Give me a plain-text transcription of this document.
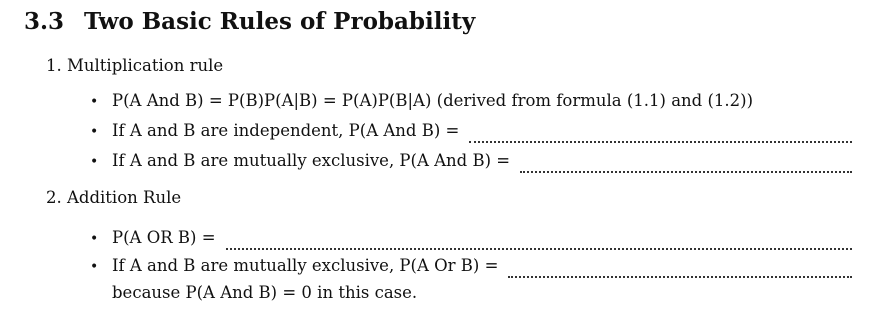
3.3 Two Basic Rules of Probability

1. Multiplication rule

• P(A And B) = P(B)P(A|B) = P(A)P(B|A) (derived from formula (1.1) and (1.2))
• If A and B are independent, P(A And B) =
• If A and B are mutually exclusive, P(A And B) =

2. Addition Rule

• P(A OR B) =
• If A and B are mutually exclusive, P(A Or B) =
because P(A And B) = 0 in this case.
